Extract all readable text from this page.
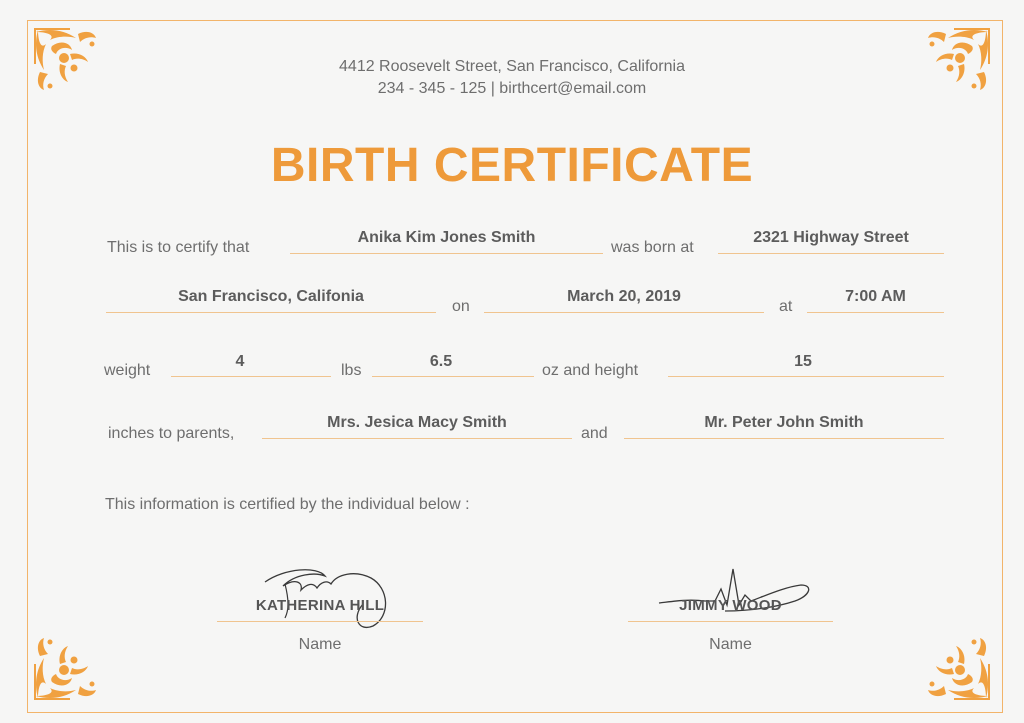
4412 Roosevelt Street, San Francisco, California
234 - 345 - 125 | birthcert@email.com
BIRTH CERTIFICATE
This is to certify that
Anika Kim Jones Smith
was born at
2321 Highway Street
San Francisco, Califonia
on
March 20, 2019
at
7:00 AM
weight
4
lbs
6.5
oz and height
15
inches to parents,
Mrs. Jesica Macy Smith
and
Mr. Peter John Smith
This information is certified by the individual below :
KATHERINA HILL
Name
JIMMY WOOD
Name
